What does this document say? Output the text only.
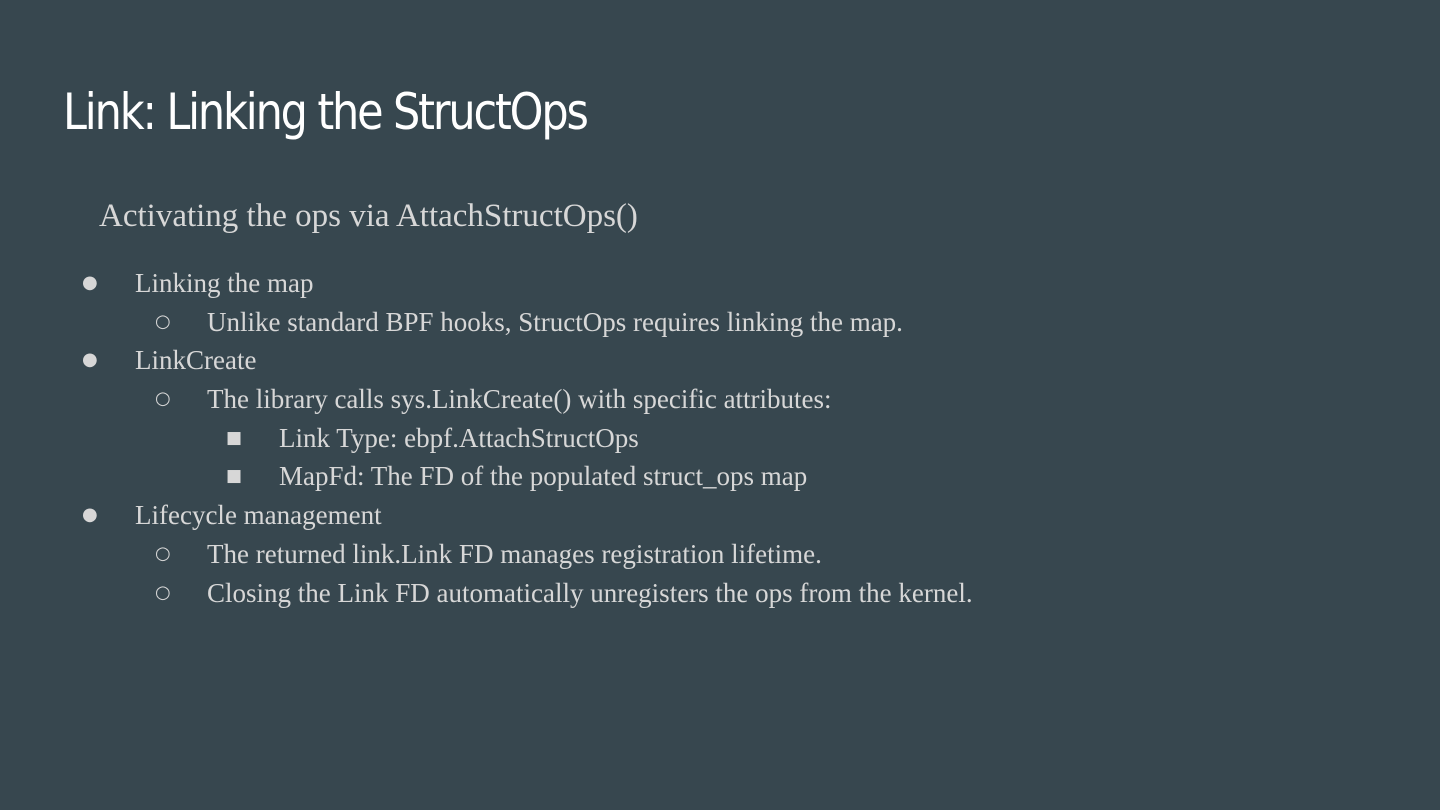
Link: Linking the StructOps

Activating the ops via AttachStructOps()

● Linking the map
○ Unlike standard BPF hooks, StructOps requires linking the map.
● LinkCreate
○ The library calls sys.LinkCreate() with specific attributes:
■ Link Type: ebpf.AttachStructOps
■ MapFd: The FD of the populated struct_ops map
● Lifecycle management
○ The returned link.Link FD manages registration lifetime.
○ Closing the Link FD automatically unregisters the ops from the kernel.
